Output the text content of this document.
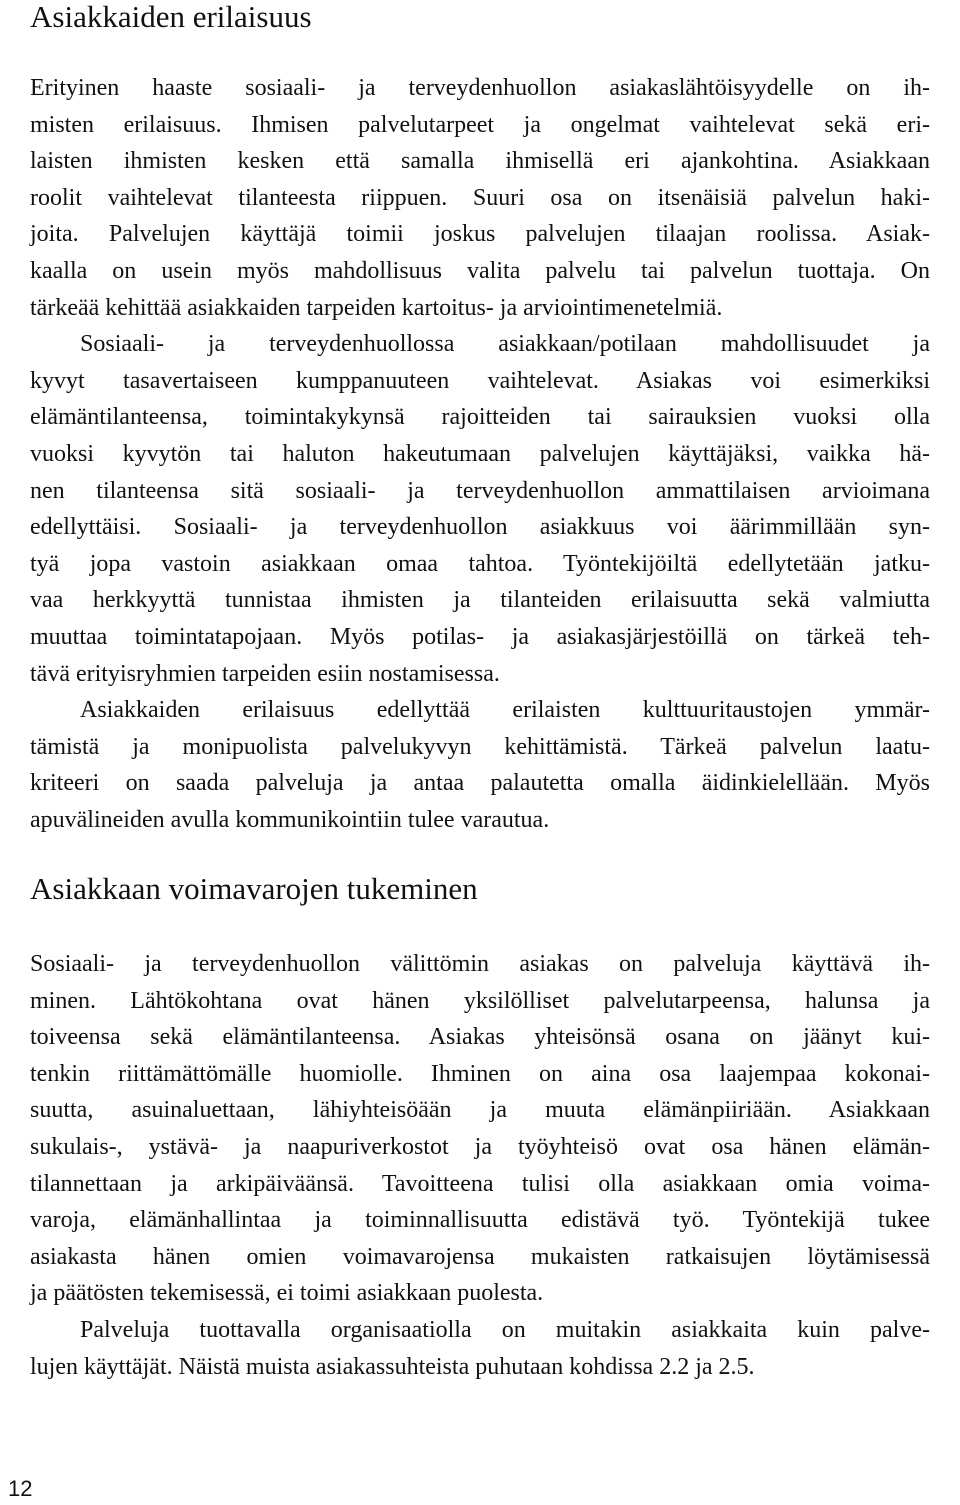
Asiakkaiden erilaisuus

Erityinen haaste sosiaali- ja terveydenhuollon asiakaslähtöisyydelle on ih-
misten erilaisuus. Ihmisen palvelutarpeet ja ongelmat vaihtelevat sekä eri-
laisten ihmisten kesken että samalla ihmisellä eri ajankohtina. Asiakkaan
roolit vaihtelevat tilanteesta riippuen. Suuri osa on itsenäisiä palvelun haki-
joita. Palvelujen käyttäjä toimii joskus palvelujen tilaajan roolissa. Asiak-
kaalla on usein myös mahdollisuus valita palvelu tai palvelun tuottaja. On
tärkeää kehittää asiakkaiden tarpeiden kartoitus- ja arviointimenetelmiä.

Sosiaali- ja terveydenhuollossa asiakkaan/potilaan mahdollisuudet ja
kyvyt tasavertaiseen kumppanuuteen vaihtelevat. Asiakas voi esimerkiksi
elämäntilanteensa, toimintakykynsä rajoitteiden tai sairauksien vuoksi olla
vuoksi kyvytön tai haluton hakeutumaan palvelujen käyttäjäksi, vaikka hä-
nen tilanteensa sitä sosiaali- ja terveydenhuollon ammattilaisen arvioimana
edellyttäisi. Sosiaali- ja terveydenhuollon asiakkuus voi äärimmillään syn-
tyä jopa vastoin asiakkaan omaa tahtoa. Työntekijöiltä edellytetään jatku-
vaa herkkyyttä tunnistaa ihmisten ja tilanteiden erilaisuutta sekä valmiutta
muuttaa toimintatapojaan. Myös potilas- ja asiakasjärjestöillä on tärkeä teh-
tävä erityisryhmien tarpeiden esiin nostamisessa.

Asiakkaiden erilaisuus edellyttää erilaisten kulttuuritaustojen ymmär-
tämistä ja monipuolista palvelukyvyn kehittämistä. Tärkeä palvelun laatu-
kriteeri on saada palveluja ja antaa palautetta omalla äidinkielellään. Myös
apuvälineiden avulla kommunikointiin tulee varautua.

Asiakkaan voimavarojen tukeminen

Sosiaali- ja terveydenhuollon välittömin asiakas on palveluja käyttävä ih-
minen. Lähtökohtana ovat hänen yksilölliset palvelutarpeensa, halunsa ja
toiveensa sekä elämäntilanteensa. Asiakas yhteisönsä osana on jäänyt kui-
tenkin riittämättömälle huomiolle. Ihminen on aina osa laajempaa kokonai-
suutta, asuinaluettaan, lähiyhteisöään ja muuta elämänpiiriään. Asiakkaan
sukulais-, ystävä- ja naapuriverkostot ja työyhteisö ovat osa hänen elämän-
tilannettaan ja arkipäiväänsä. Tavoitteena tulisi olla asiakkaan omia voima-
varoja, elämänhallintaa ja toiminnallisuutta edistävä työ. Työntekijä tukee
asiakasta hänen omien voimavarojensa mukaisten ratkaisujen löytämisessä
ja päätösten tekemisessä, ei toimi asiakkaan puolesta.

Palveluja tuottavalla organisaatiolla on muitakin asiakkaita kuin palve-
lujen käyttäjät. Näistä muista asiakassuhteista puhutaan kohdissa 2.2 ja 2.5.

12
